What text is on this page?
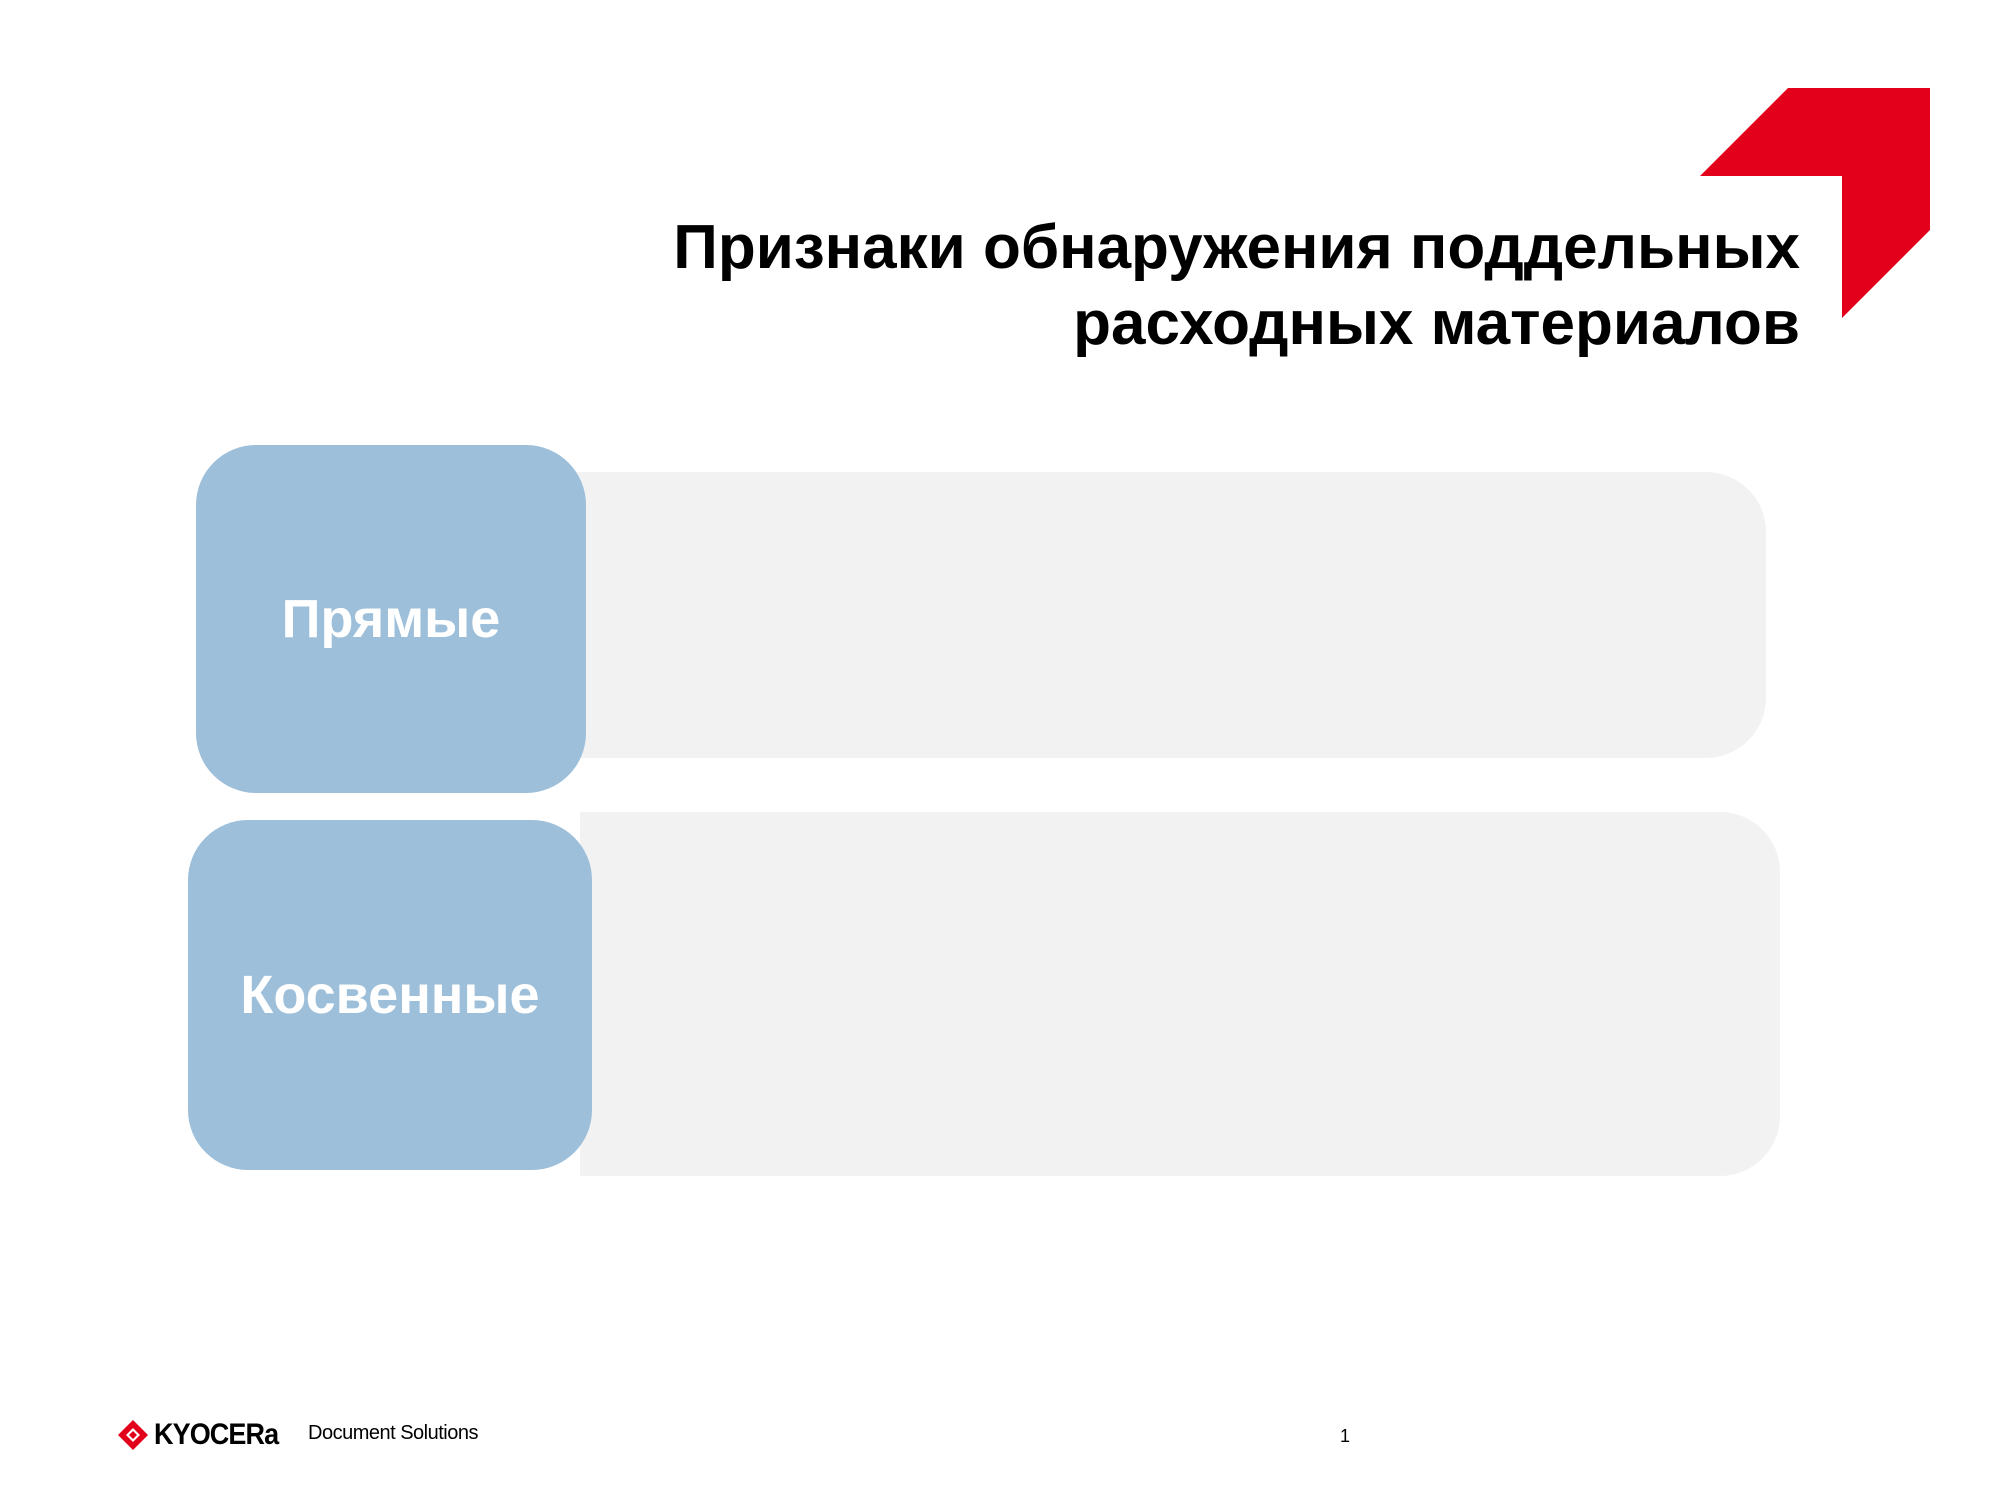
Признаки обнаружения поддельных
расходных материалов
Прямые
Косвенные
KYOCERa Document Solutions	1
